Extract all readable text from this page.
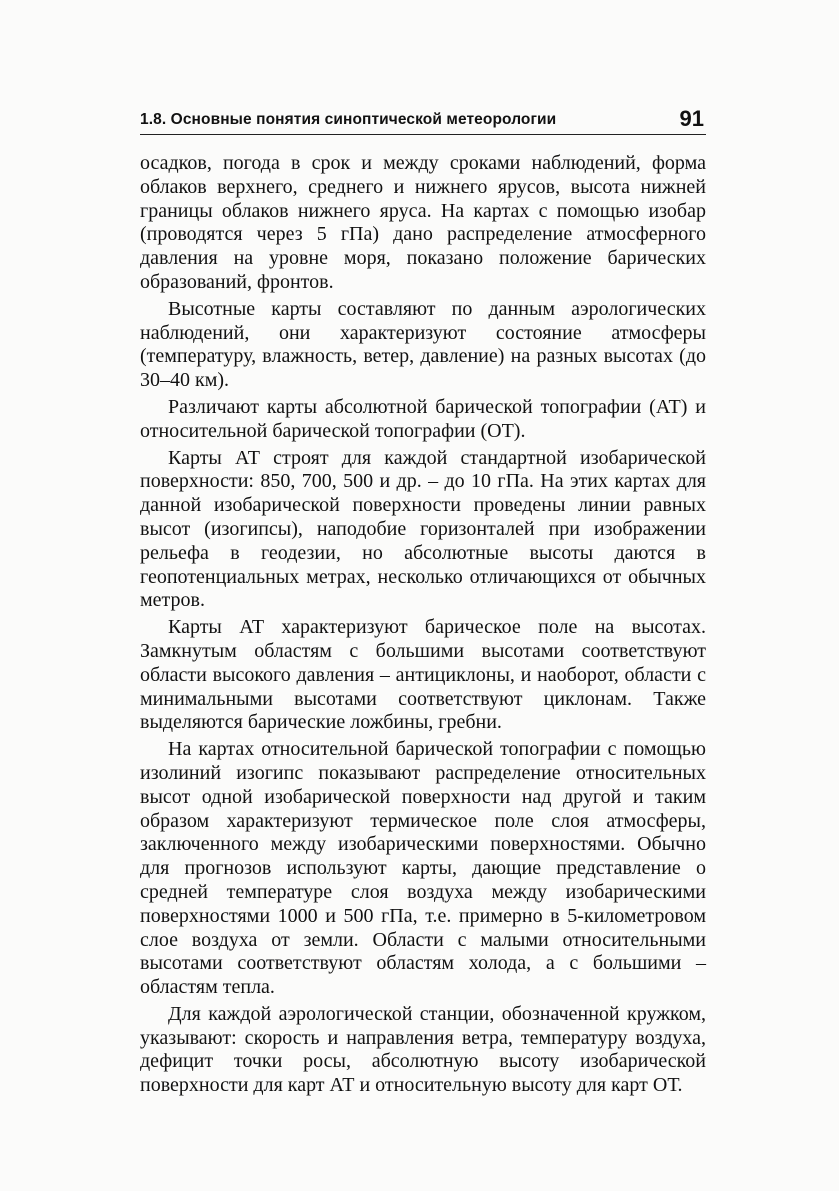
1.8. Основные понятия синоптической метеорологии	91

осадков, погода в срок и между сроками наблюдений, форма облаков верхнего, среднего и нижнего ярусов, высота нижней границы облаков нижнего яруса. На картах с помощью изобар (проводятся через 5 гПа) дано распределение атмосферного давления на уровне моря, показано положение барических образований, фронтов.

Высотные карты составляют по данным аэрологических наблюдений, они характеризуют состояние атмосферы (температуру, влажность, ветер, давление) на разных высотах (до 30–40 км).

Различают карты абсолютной барической топографии (АТ) и относительной барической топографии (ОТ).

Карты АТ строят для каждой стандартной изобарической поверхности: 850, 700, 500 и др. – до 10 гПа. На этих картах для данной изобарической поверхности проведены линии равных высот (изогипсы), наподобие горизонталей при изображении рельефа в геодезии, но абсолютные высоты даются в геопотенциальных метрах, несколько отличающихся от обычных метров.

Карты АТ характеризуют барическое поле на высотах. Замкнутым областям с большими высотами соответствуют области высокого давления – антициклоны, и наоборот, области с минимальными высотами соответствуют циклонам. Также выделяются барические ложбины, гребни.

На картах относительной барической топографии с помощью изолиний изогипс показывают распределение относительных высот одной изобарической поверхности над другой и таким образом характеризуют термическое поле слоя атмосферы, заключенного между изобарическими поверхностями. Обычно для прогнозов используют карты, дающие представление о средней температуре слоя воздуха между изобарическими поверхностями 1000 и 500 гПа, т.е. примерно в 5-километровом слое воздуха от земли. Области с малыми относительными высотами соответствуют областям холода, а с большими – областям тепла.

Для каждой аэрологической станции, обозначенной кружком, указывают: скорость и направления ветра, температуру воздуха, дефицит точки росы, абсолютную высоту изобарической поверхности для карт АТ и относительную высоту для карт ОТ.
